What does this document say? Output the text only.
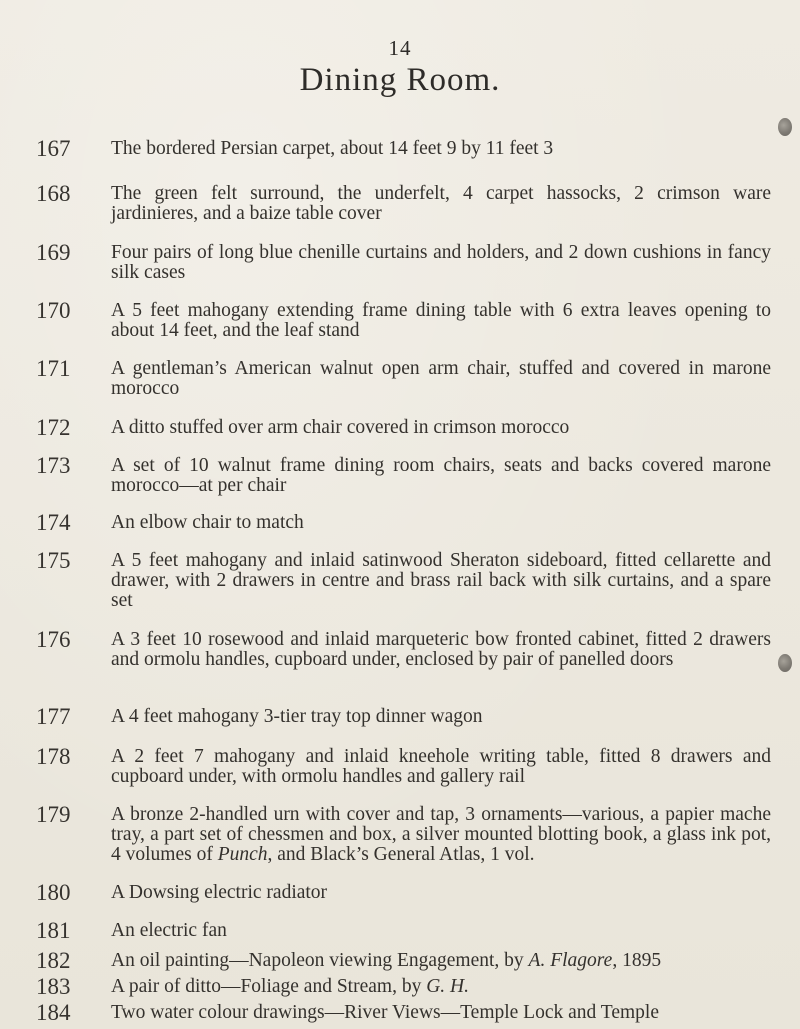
14
Dining Room.
167	The bordered Persian carpet, about 14 feet 9 by 11 feet 3
168	The green felt surround, the underfelt, 4 carpet hassocks, 2 crimson ware jardinieres, and a baize table cover
169	Four pairs of long blue chenille curtains and holders, and 2 down cushions in fancy silk cases
170	A 5 feet mahogany extending frame dining table with 6 extra leaves opening to about 14 feet, and the leaf stand
171	A gentleman’s American walnut open arm chair, stuffed and covered in marone morocco
172	A ditto stuffed over arm chair covered in crimson morocco
173	A set of 10 walnut frame dining room chairs, seats and backs covered marone morocco—at per chair
174	An elbow chair to match
175	A 5 feet mahogany and inlaid satinwood Sheraton sideboard, fitted cellarette and drawer, with 2 drawers in centre and brass rail back with silk curtains, and a spare set
176	A 3 feet 10 rosewood and inlaid marqueteric bow fronted cabinet, fitted 2 drawers and ormolu handles, cupboard under, enclosed by pair of panelled doors
177	A 4 feet mahogany 3-tier tray top dinner wagon
178	A 2 feet 7 mahogany and inlaid kneehole writing table, fitted 8 drawers and cupboard under, with ormolu handles and gallery rail
179	A bronze 2-handled urn with cover and tap, 3 ornaments—various, a papier mache tray, a part set of chessmen and box, a silver mounted blotting book, a glass ink pot, 4 volumes of Punch, and Black’s General Atlas, 1 vol.
180	A Dowsing electric radiator
181	An electric fan
182	An oil painting—Napoleon viewing Engagement, by A. Flagore, 1895
183	A pair of ditto—Foliage and Stream, by G. H.
184	Two water colour drawings—River Views—Temple Lock and Temple
